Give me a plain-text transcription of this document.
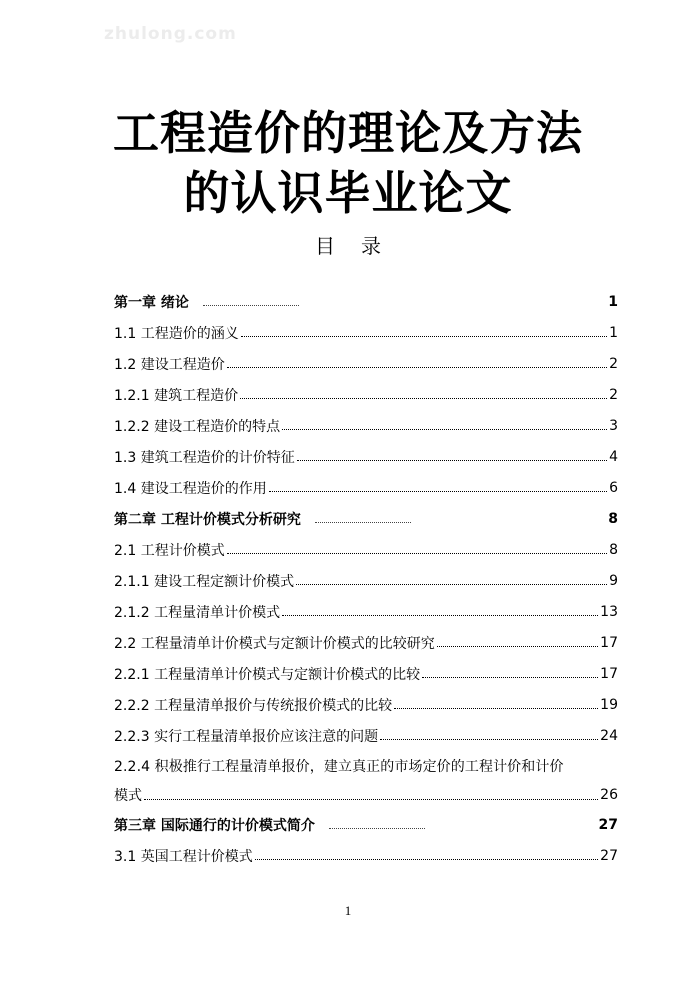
zhulong.com
工程造价的理论及方法
的认识毕业论文
目录
第一章 绪论	1
1.1 工程造价的涵义	1
1.2 建设工程造价	2
1.2.1 建筑工程造价	2
1.2.2 建设工程造价的特点	3
1.3 建筑工程造价的计价特征	4
1.4 建设工程造价的作用	6
第二章 工程计价模式分析研究	8
2.1 工程计价模式	8
2.1.1 建设工程定额计价模式	9
2.1.2 工程量清单计价模式	13
2.2 工程量清单计价模式与定额计价模式的比较研究	17
2.2.1 工程量清单计价模式与定额计价模式的比较	17
2.2.2 工程量清单报价与传统报价模式的比较	19
2.2.3 实行工程量清单报价应该注意的问题	24
2.2.4 积极推行工程量清单报价，建立真正的市场定价的工程计价和计价
模式	26
第三章 国际通行的计价模式简介	27
3.1 英国工程计价模式	27
1
